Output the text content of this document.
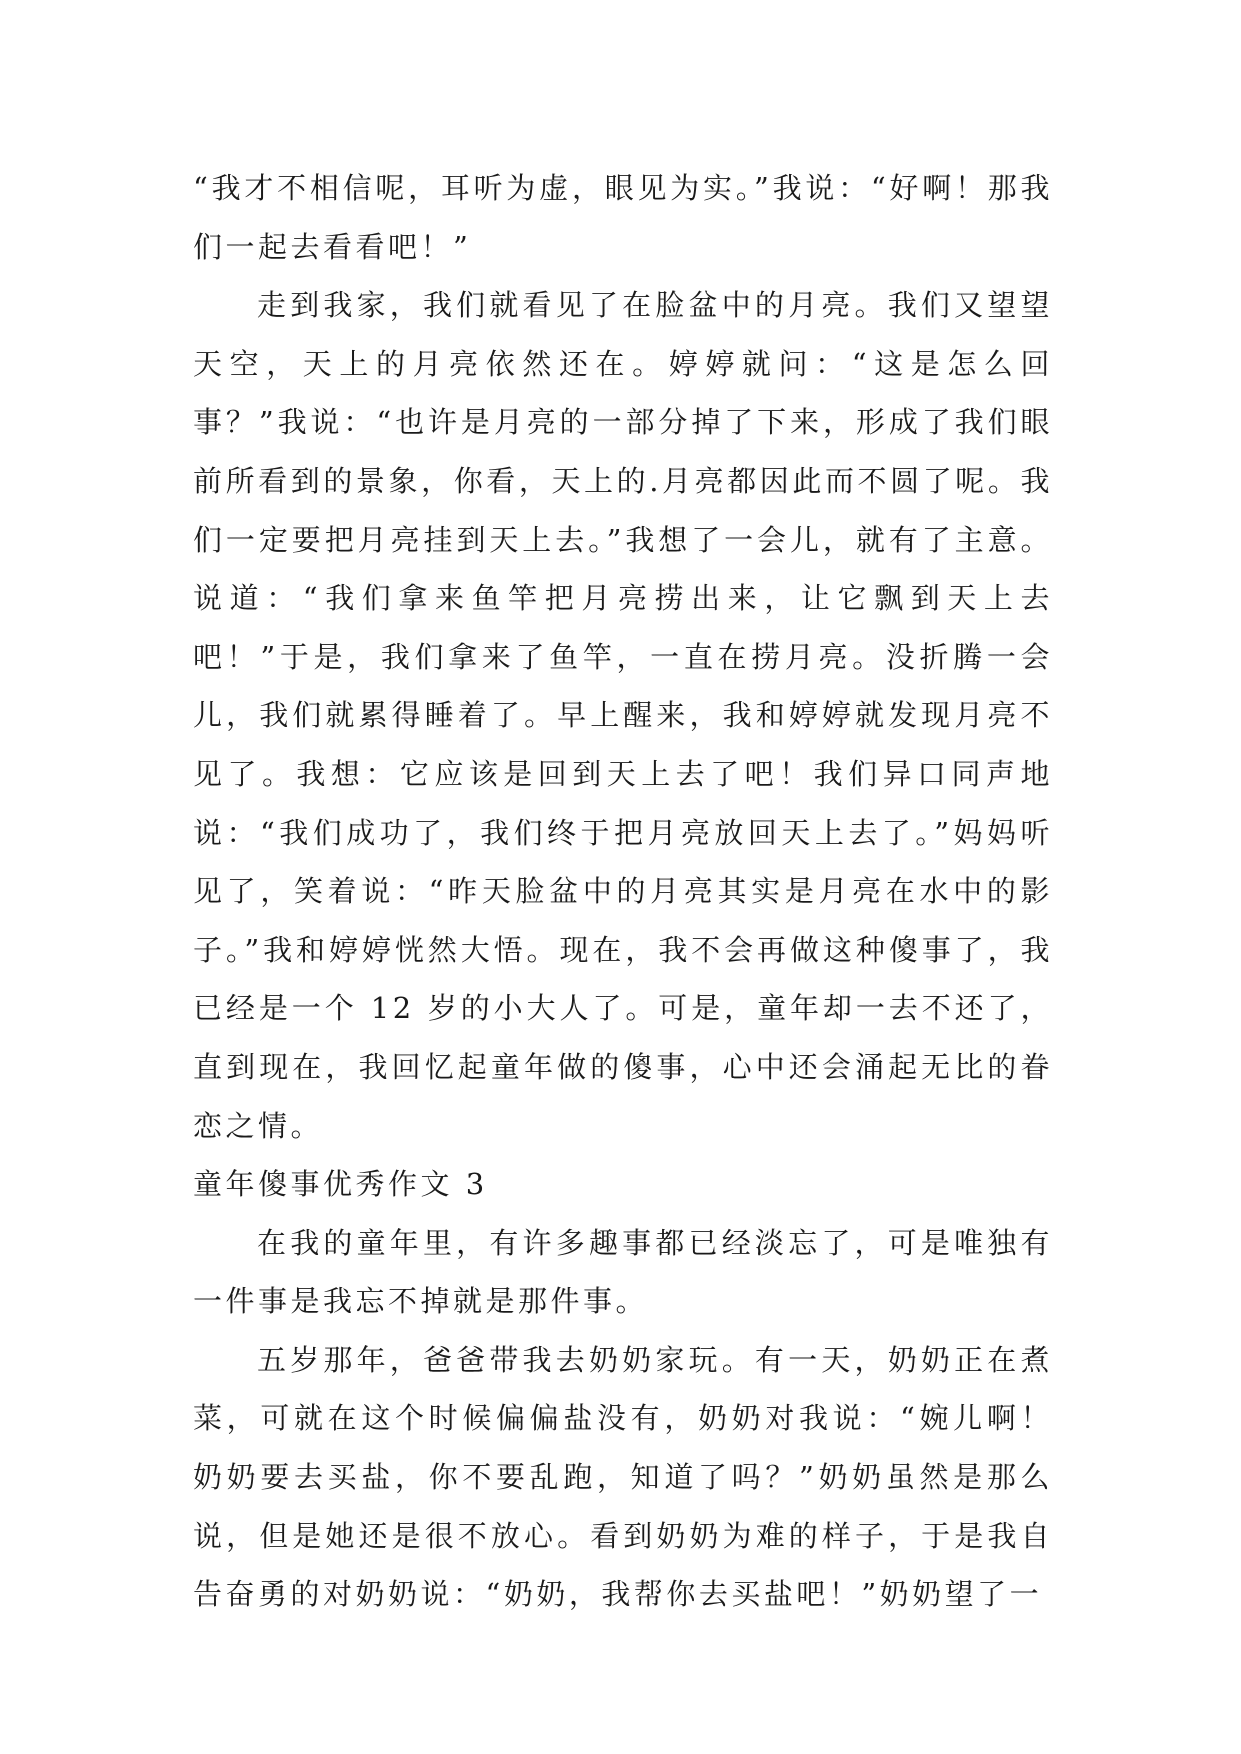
“我才不相信呢，耳听为虚，眼见为实。”我说：“好啊！那我们一起去看看吧！”

走到我家，我们就看见了在脸盆中的月亮。我们又望望天空，天上的月亮依然还在。婷婷就问：“这是怎么回事？”我说：“也许是月亮的一部分掉了下来，形成了我们眼前所看到的景象，你看，天上的.月亮都因此而不圆了呢。我们一定要把月亮挂到天上去。”我想了一会儿，就有了主意。说道：“我们拿来鱼竿把月亮捞出来，让它飘到天上去吧！”于是，我们拿来了鱼竿，一直在捞月亮。没折腾一会儿，我们就累得睡着了。早上醒来，我和婷婷就发现月亮不见了。我想：它应该是回到天上去了吧！我们异口同声地说：“我们成功了，我们终于把月亮放回天上去了。”妈妈听见了，笑着说：“昨天脸盆中的月亮其实是月亮在水中的影子。”我和婷婷恍然大悟。现在，我不会再做这种傻事了，我已经是一个 12 岁的小大人了。可是，童年却一去不还了，直到现在，我回忆起童年做的傻事，心中还会涌起无比的眷恋之情。

童年傻事优秀作文 3

在我的童年里，有许多趣事都已经淡忘了，可是唯独有一件事是我忘不掉就是那件事。

五岁那年，爸爸带我去奶奶家玩。有一天，奶奶正在煮菜，可就在这个时候偏偏盐没有，奶奶对我说：“婉儿啊！奶奶要去买盐，你不要乱跑，知道了吗？”奶奶虽然是那么说，但是她还是很不放心。看到奶奶为难的样子，于是我自告奋勇的对奶奶说：“奶奶，我帮你去买盐吧！”奶奶望了一
